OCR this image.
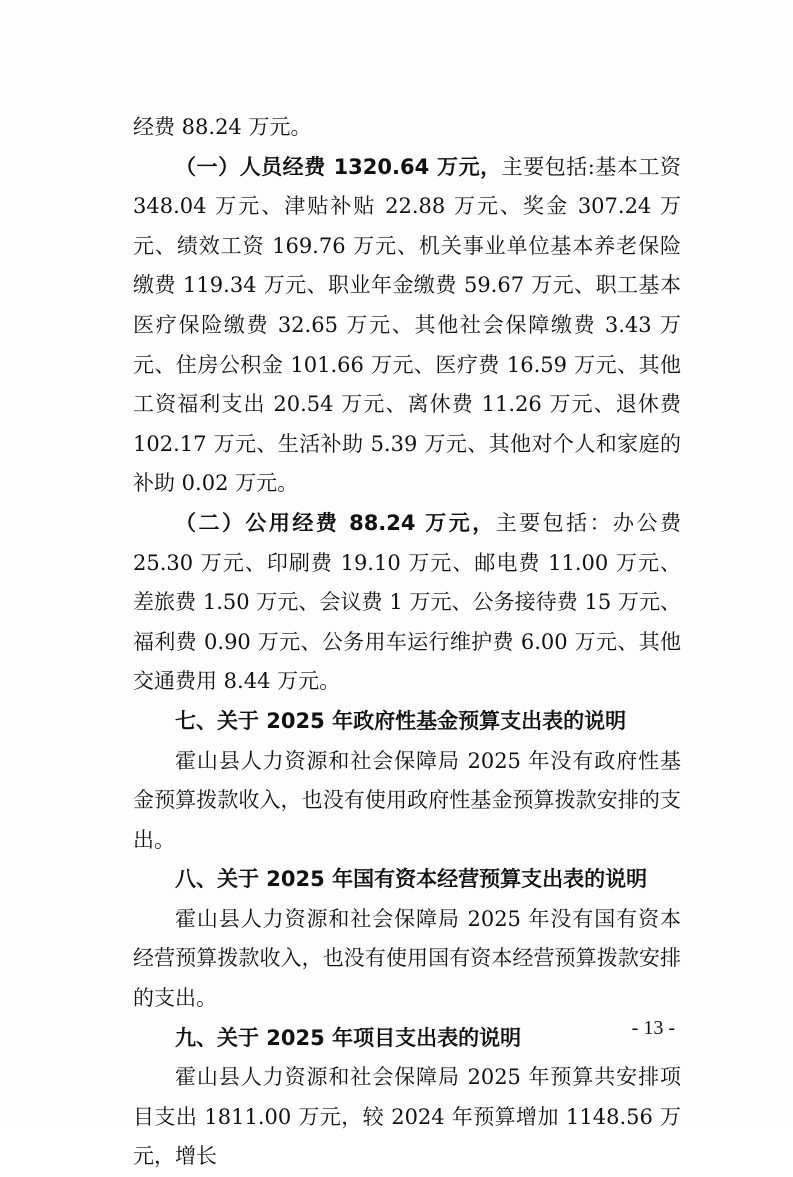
经费 88.24 万元。

（一）人员经费 1320.64 万元，主要包括:基本工资 348.04 万元、津贴补贴 22.88 万元、奖金 307.24 万元、绩效工资 169.76 万元、机关事业单位基本养老保险缴费 119.34 万元、职业年金缴费 59.67 万元、职工基本医疗保险缴费 32.65 万元、其他社会保障缴费 3.43 万元、住房公积金 101.66 万元、医疗费 16.59 万元、其他工资福利支出 20.54 万元、离休费 11.26 万元、退休费 102.17 万元、生活补助 5.39 万元、其他对个人和家庭的补助 0.02 万元。

（二）公用经费 88.24 万元，主要包括：办公费 25.30 万元、印刷费 19.10 万元、邮电费 11.00 万元、差旅费 1.50 万元、会议费 1 万元、公务接待费 15 万元、福利费 0.90 万元、公务用车运行维护费 6.00 万元、其他交通费用 8.44 万元。

七、关于 2025 年政府性基金预算支出表的说明

霍山县人力资源和社会保障局 2025 年没有政府性基金预算拨款收入，也没有使用政府性基金预算拨款安排的支出。

八、关于 2025 年国有资本经营预算支出表的说明

霍山县人力资源和社会保障局 2025 年没有国有资本经营预算拨款收入，也没有使用国有资本经营预算拨款安排的支出。

九、关于 2025 年项目支出表的说明

霍山县人力资源和社会保障局 2025 年预算共安排项目支出 1811.00 万元，较 2024 年预算增加 1148.56 万元，增长

- 13 -
